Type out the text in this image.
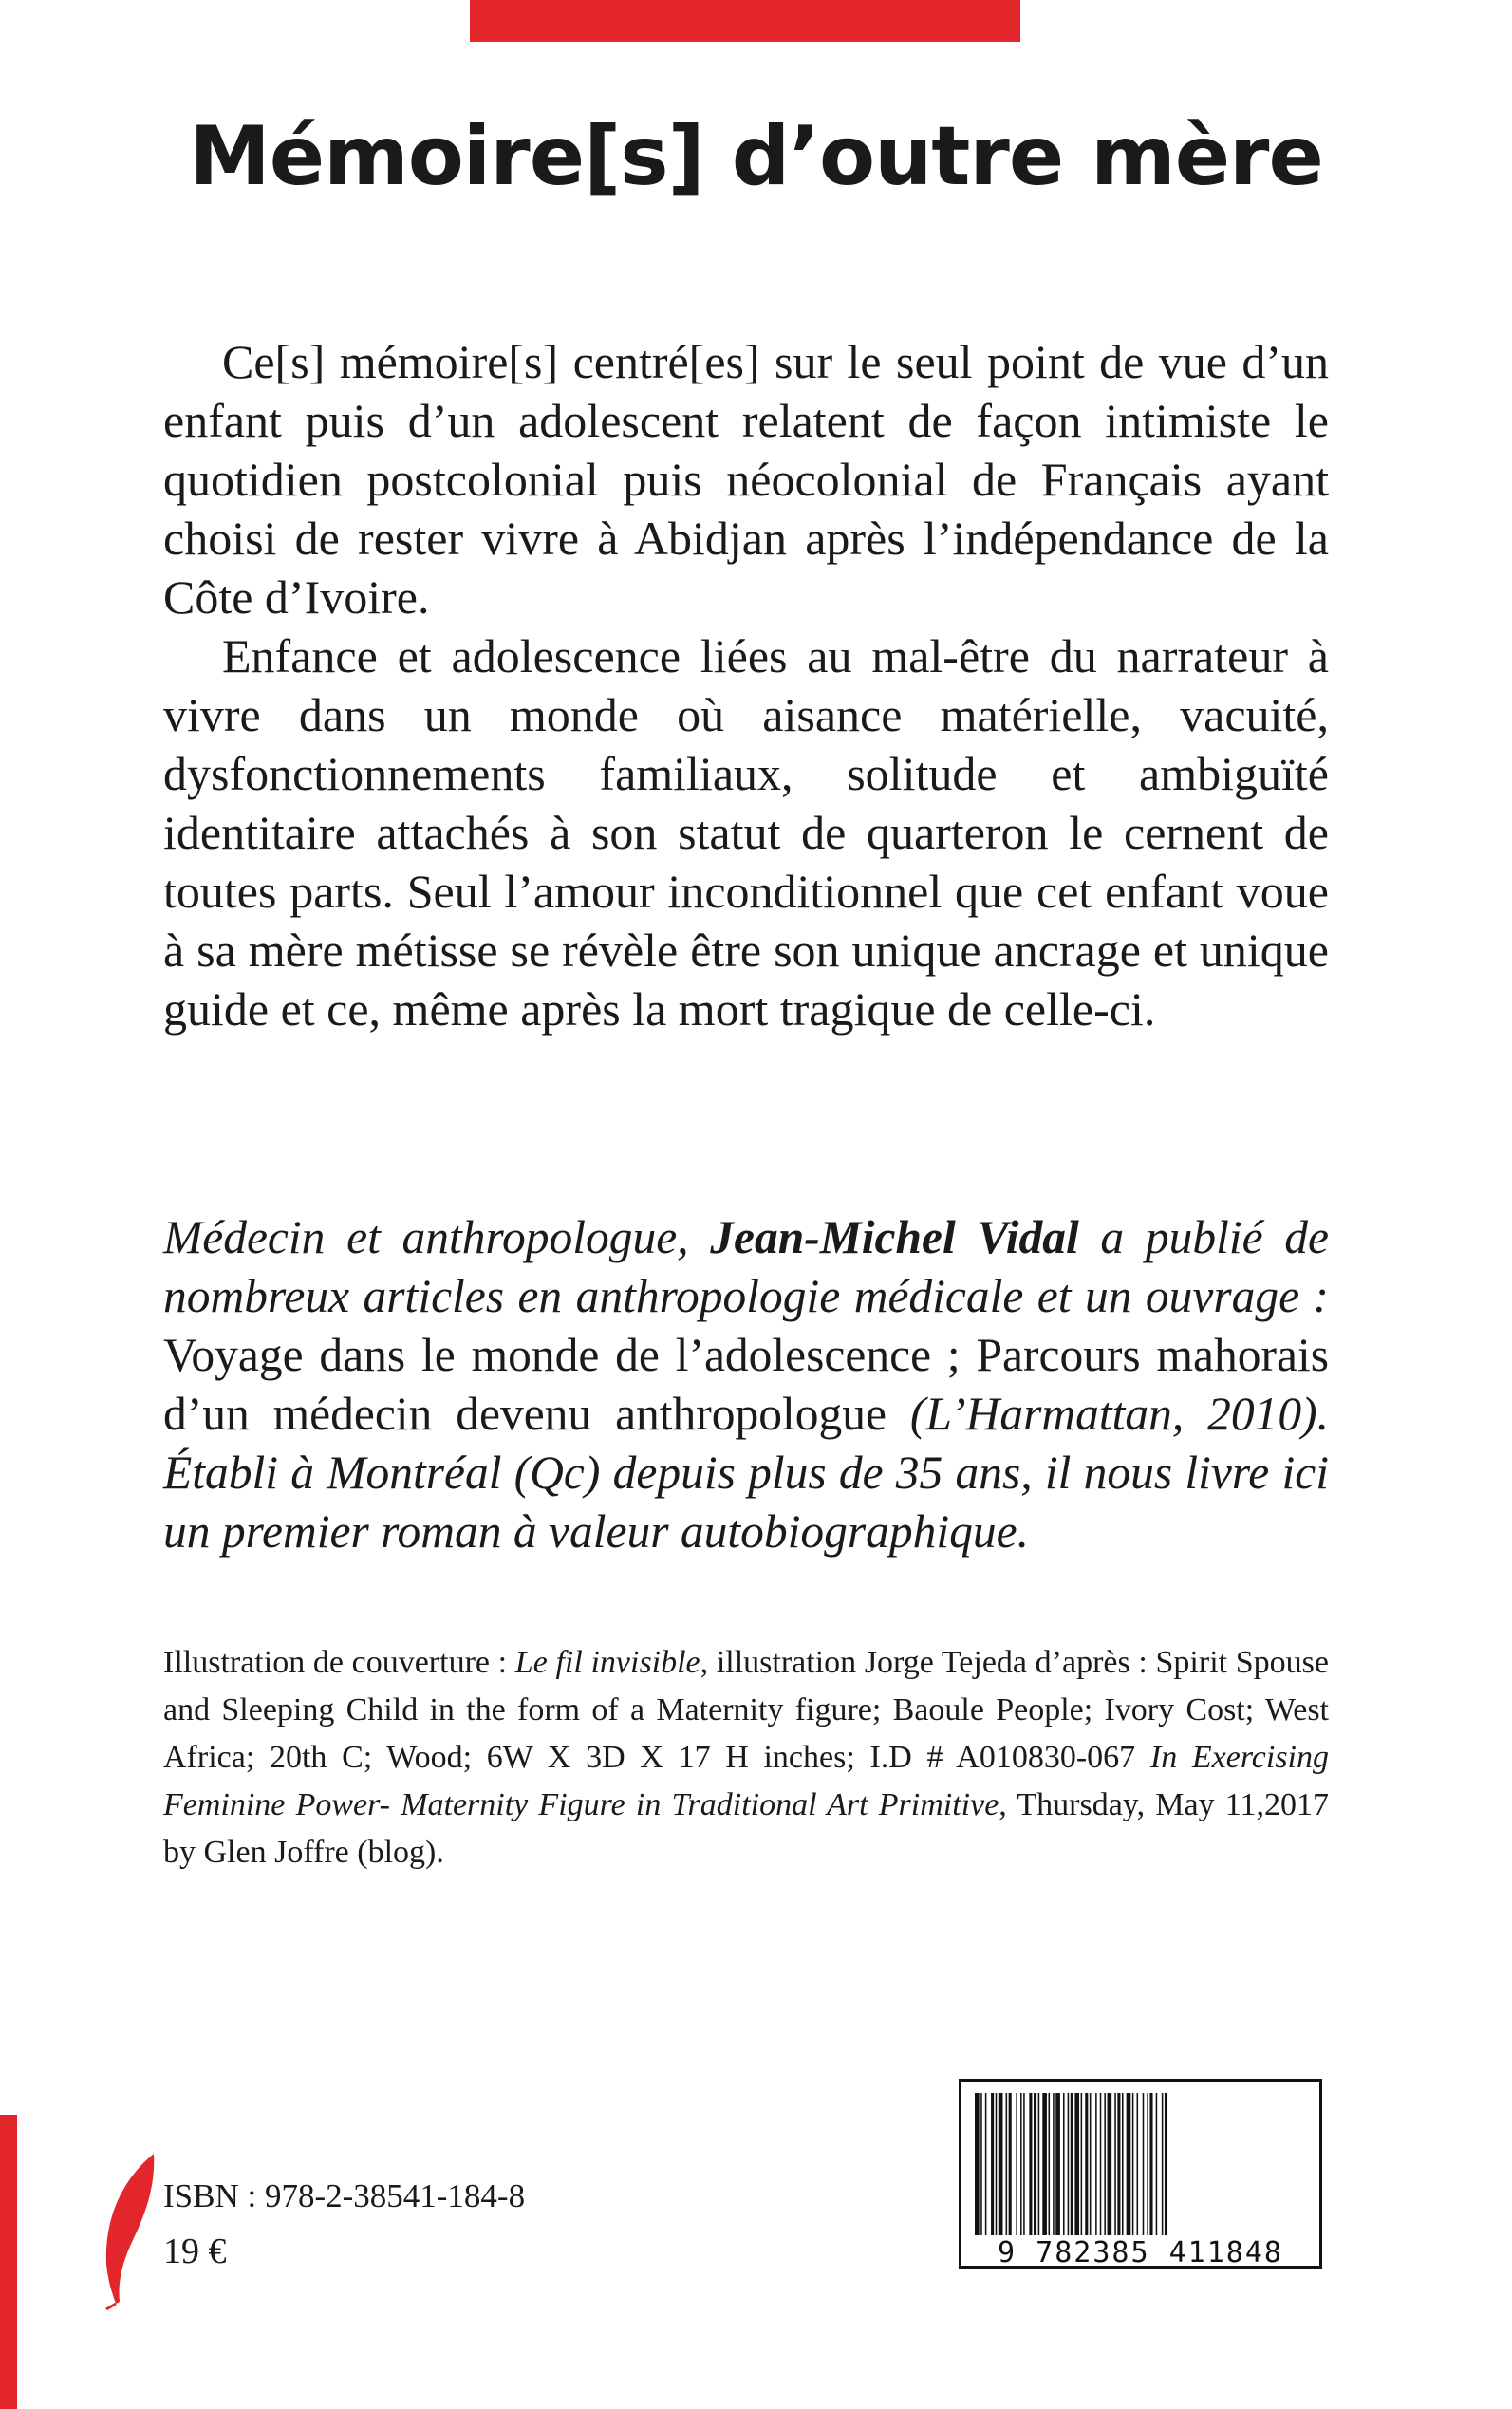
Mémoire[s] d’outre mère

Ce[s] mémoire[s] centré[es] sur le seul point de vue d’un enfant puis d’un adolescent relatent de façon intimiste le quotidien postcolonial puis néocolonial de Français ayant choisi de rester vivre à Abidjan après l’indépendance de la Côte d’Ivoire.

Enfance et adolescence liées au mal-être du narrateur à vivre dans un monde où aisance matérielle, vacuité, dysfonctionnements familiaux, solitude et ambiguïté identitaire attachés à son statut de quarteron le cernent de toutes parts. Seul l’amour inconditionnel que cet enfant voue à sa mère métisse se révèle être son unique ancrage et unique guide et ce, même après la mort tragique de celle-ci.

Médecin et anthropologue, Jean-Michel Vidal a publié de nombreux articles en anthropologie médicale et un ouvrage : Voyage dans le monde de l’adolescence ; Parcours mahorais d’un médecin devenu anthropologue (L’Harmattan, 2010). Établi à Montréal (Qc) depuis plus de 35 ans, il nous livre ici un premier roman à valeur autobiographique.

Illustration de couverture : Le fil invisible, illustration Jorge Tejeda d’après : Spirit Spouse and Sleeping Child in the form of a Maternity figure; Baoule People; Ivory Cost; West Africa; 20th C; Wood; 6W X 3D X 17 H inches; I.D # A010830-067 In Exercising Feminine Power- Maternity Figure in Traditional Art Primitive, Thursday, May 11,2017 by Glen Joffre (blog).

ISBN : 978-2-38541-184-8
19 €	9 782385 411848
